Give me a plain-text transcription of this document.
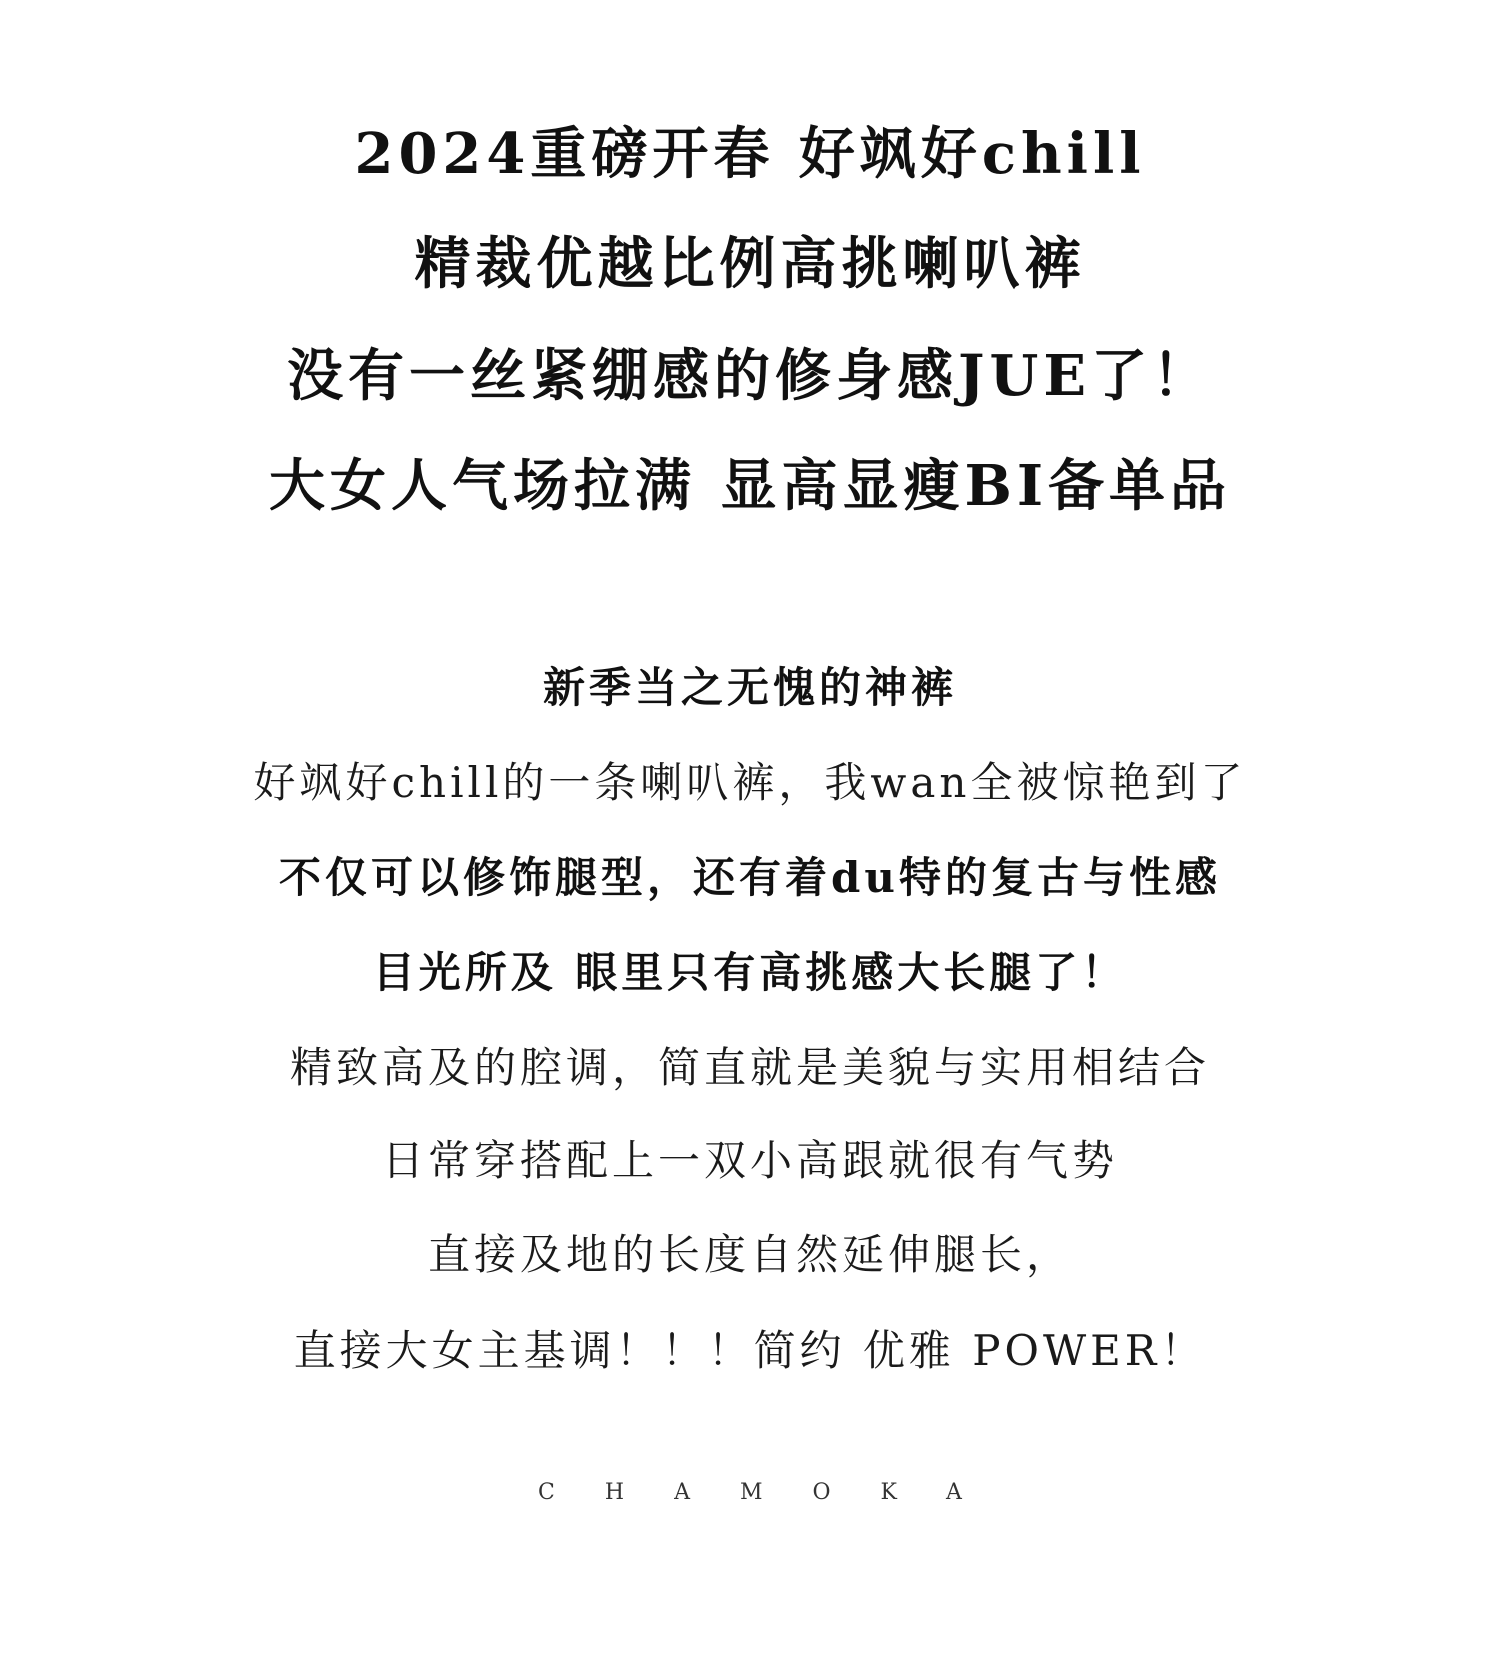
2024重磅开春 好飒好chill
精裁优越比例高挑喇叭裤
没有一丝紧绷感的修身感JUE了！
大女人气场拉满 显高显瘦BI备单品
新季当之无愧的神裤
好飒好chill的一条喇叭裤，我wan全被惊艳到了
不仅可以修饰腿型，还有着du特的复古与性感
目光所及 眼里只有高挑感大长腿了！
精致高及的腔调，简直就是美貌与实用相结合
日常穿搭配上一双小高跟就很有气势
直接及地的长度自然延伸腿长，
直接大女主基调！！！简约 优雅 POWER！
CHAMOKA
